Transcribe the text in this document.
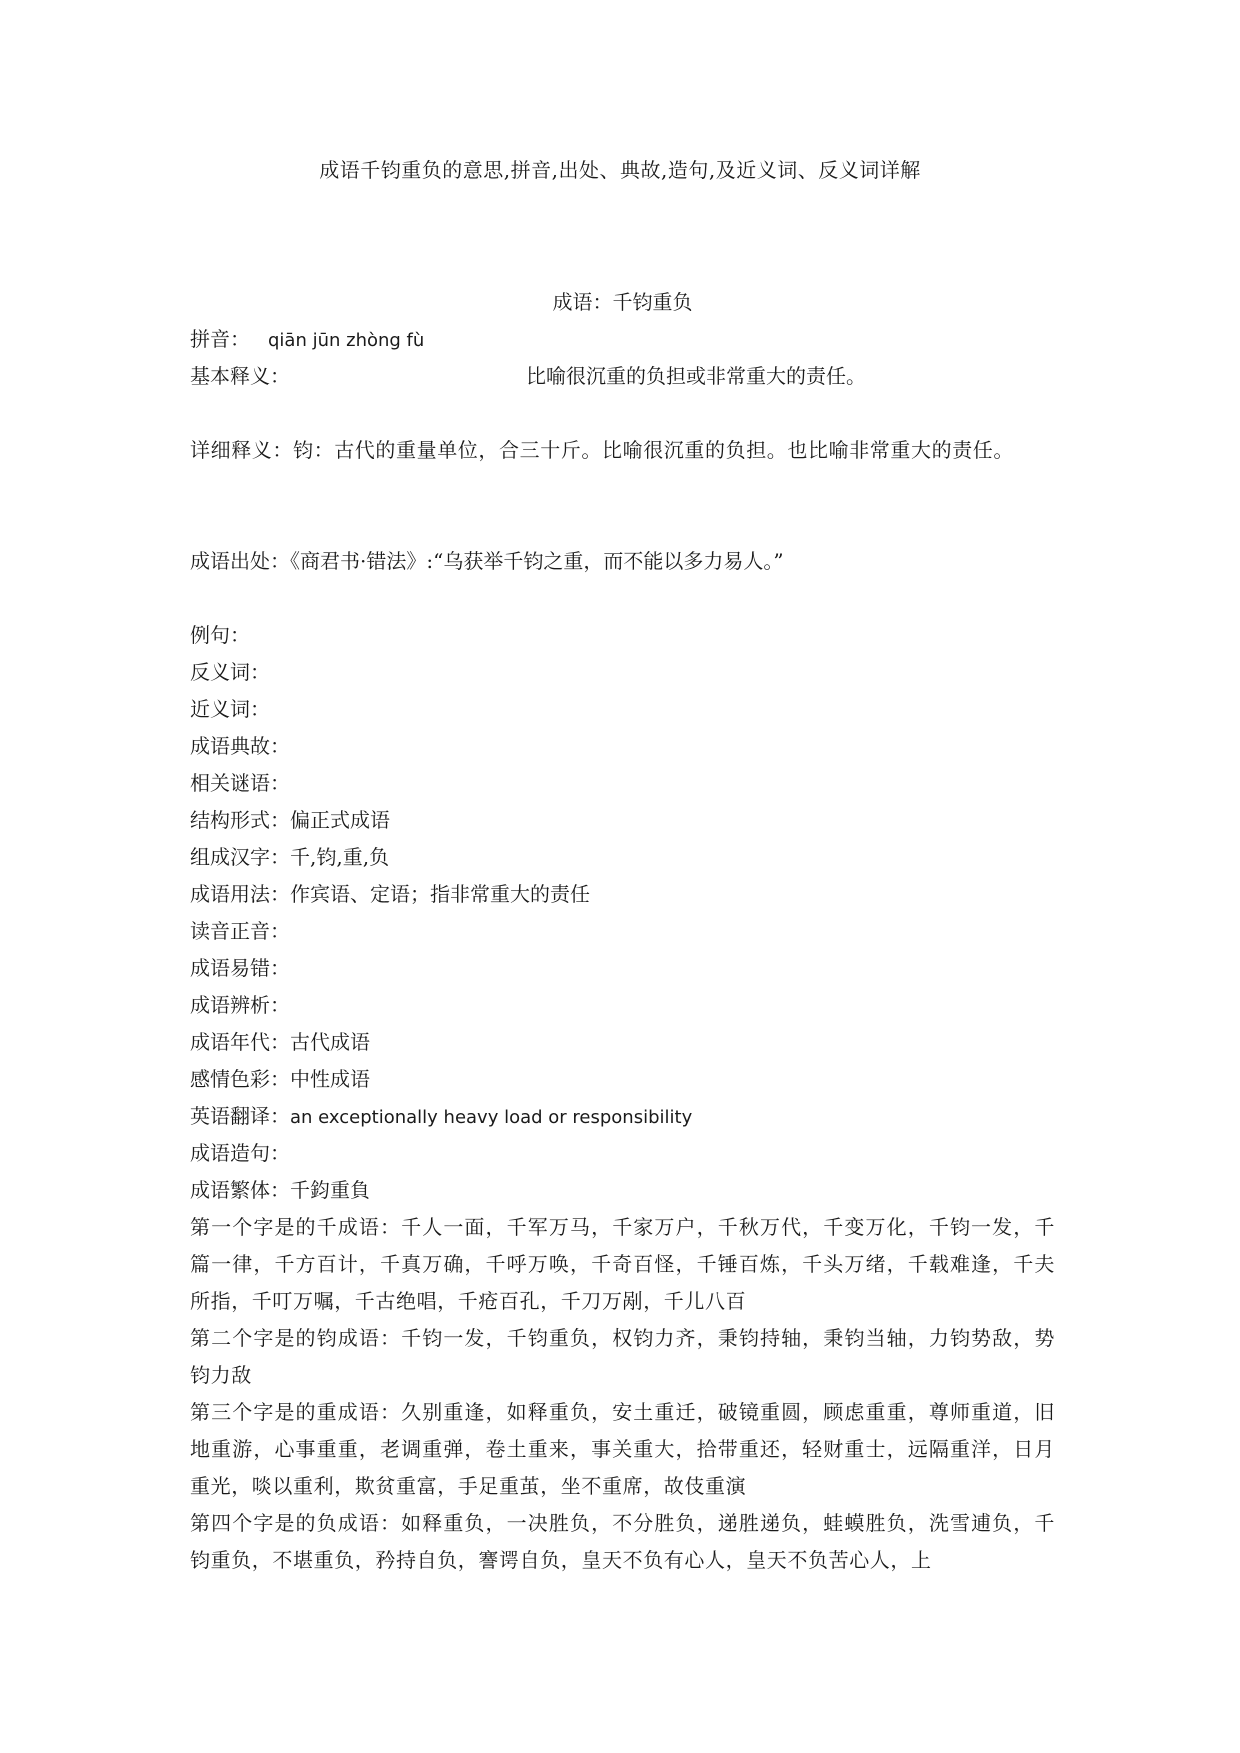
成语千钧重负的意思,拼音,出处、典故,造句,及近义词、反义词详解
成语：千钧重负
拼音： qiān jūn zhòng fù
基本释义：	比喻很沉重的负担或非常重大的责任。
详细释义：钧：古代的重量单位，合三十斤。比喻很沉重的负担。也比喻非常重大的责任。
成语出处：《商君书·错法》:“乌获举千钧之重，而不能以多力易人。”
例句：
反义词：
近义词：
成语典故：
相关谜语：
结构形式：偏正式成语
组成汉字：千,钧,重,负
成语用法：作宾语、定语；指非常重大的责任
读音正音：
成语易错：
成语辨析：
成语年代：古代成语
感情色彩：中性成语
英语翻译：an exceptionally heavy load or responsibility
成语造句：
成语繁体：千鈞重負
第一个字是的千成语：千人一面，千军万马，千家万户，千秋万代，千变万化，千钧一发，千篇一律，千方百计，千真万确，千呼万唤，千奇百怪，千锤百炼，千头万绪，千载难逢，千夫所指，千叮万嘱，千古绝唱，千疮百孔，千刀万剐，千儿八百
第二个字是的钧成语：千钧一发，千钧重负，权钧力齐，秉钧持轴，秉钧当轴，力钧势敌，势钧力敌
第三个字是的重成语：久别重逢，如释重负，安土重迁，破镜重圆，顾虑重重，尊师重道，旧地重游，心事重重，老调重弹，卷土重来，事关重大，拾带重还，轻财重士，远隔重洋，日月重光，啖以重利，欺贫重富，手足重茧，坐不重席，故伎重演
第四个字是的负成语：如释重负，一决胜负，不分胜负，递胜递负，蛙蟆胜负，洗雪逋负，千钧重负，不堪重负，矜持自负，謇谔自负，皇天不负有心人，皇天不负苦心人，上
